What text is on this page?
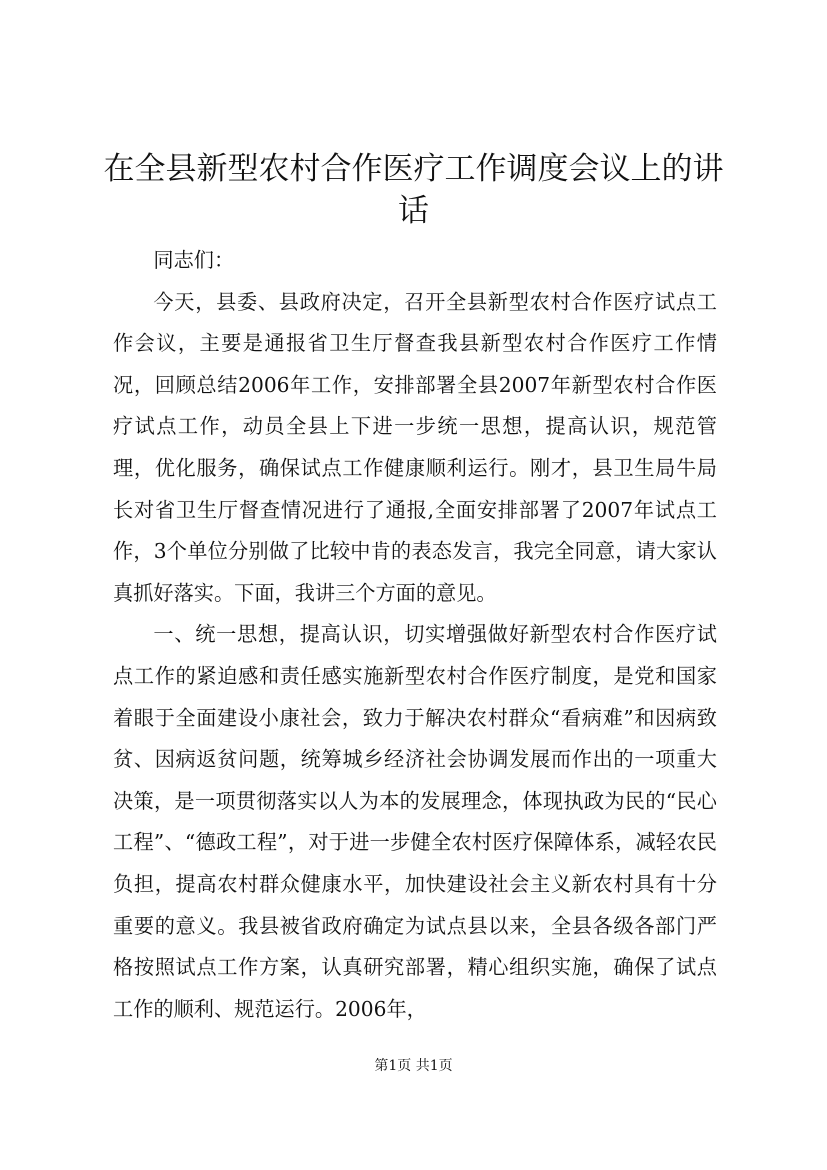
在全县新型农村合作医疗工作调度会议上的讲话

同志们：

今天，县委、县政府决定，召开全县新型农村合作医疗试点工作会议，主要是通报省卫生厅督查我县新型农村合作医疗工作情况，回顾总结2006年工作，安排部署全县2007年新型农村合作医疗试点工作，动员全县上下进一步统一思想，提高认识，规范管理，优化服务，确保试点工作健康顺利运行。刚才，县卫生局牛局长对省卫生厅督查情况进行了通报,全面安排部署了2007年试点工作，3个单位分别做了比较中肯的表态发言，我完全同意，请大家认真抓好落实。下面，我讲三个方面的意见。

一、统一思想，提高认识，切实增强做好新型农村合作医疗试点工作的紧迫感和责任感实施新型农村合作医疗制度，是党和国家着眼于全面建设小康社会，致力于解决农村群众“看病难”和因病致贫、因病返贫问题，统筹城乡经济社会协调发展而作出的一项重大决策，是一项贯彻落实以人为本的发展理念，体现执政为民的“民心工程”、“德政工程”，对于进一步健全农村医疗保障体系，减轻农民负担，提高农村群众健康水平，加快建设社会主义新农村具有十分重要的意义。我县被省政府确定为试点县以来，全县各级各部门严格按照试点工作方案，认真研究部署，精心组织实施，确保了试点工作的顺利、规范运行。2006年，

第1页 共1页
